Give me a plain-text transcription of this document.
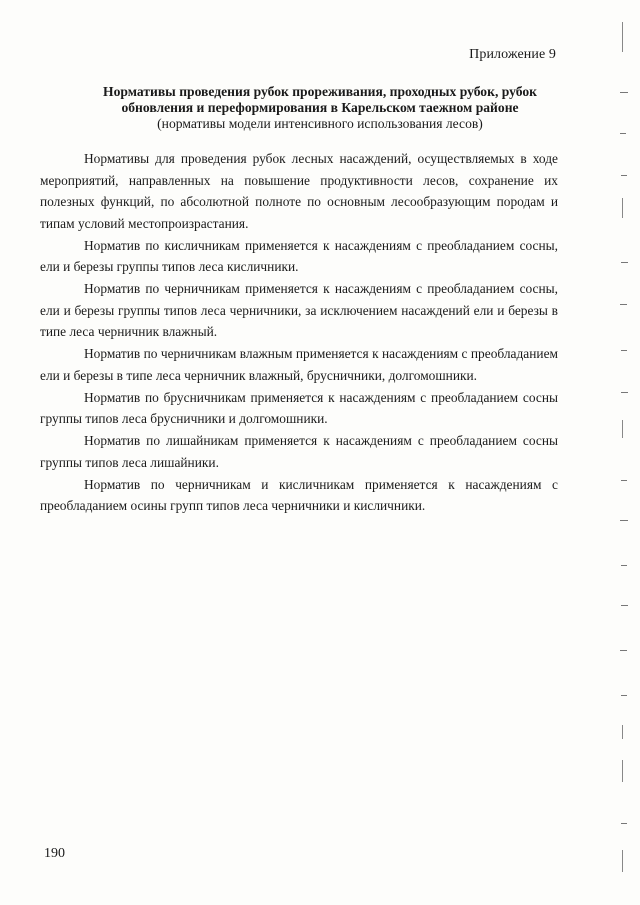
Приложение 9

Нормативы проведения рубок прореживания, проходных рубок, рубок

обновления и переформирования в Карельском таежном районе

(нормативы модели интенсивного использования лесов)

Нормативы для проведения рубок лесных насаждений, осуществляемых в ходе мероприятий, направленных на повышение продуктивности лесов, сохранение их полезных функций, по абсолютной полноте по основным лесообразующим породам и типам условий местопроизрастания.

Норматив по кисличникам применяется к насаждениям с преобладанием сосны, ели и березы группы типов леса кисличники.

Норматив по черничникам применяется к насаждениям с преобладанием сосны, ели и березы группы типов леса черничники, за исключением насаждений ели и березы в типе леса черничник влажный.

Норматив по черничникам влажным применяется к насаждениям с преобладанием ели и березы в типе леса черничник влажный, брусничники, долгомошники.

Норматив по брусничникам применяется к насаждениям с преобладанием сосны группы типов леса брусничники и долгомошники.

Норматив по лишайникам применяется к насаждениям с преобладанием сосны группы типов леса лишайники.

Норматив по черничникам и кисличникам применяется к насаждениям с преобладанием осины групп типов леса черничники и кисличники.

190
